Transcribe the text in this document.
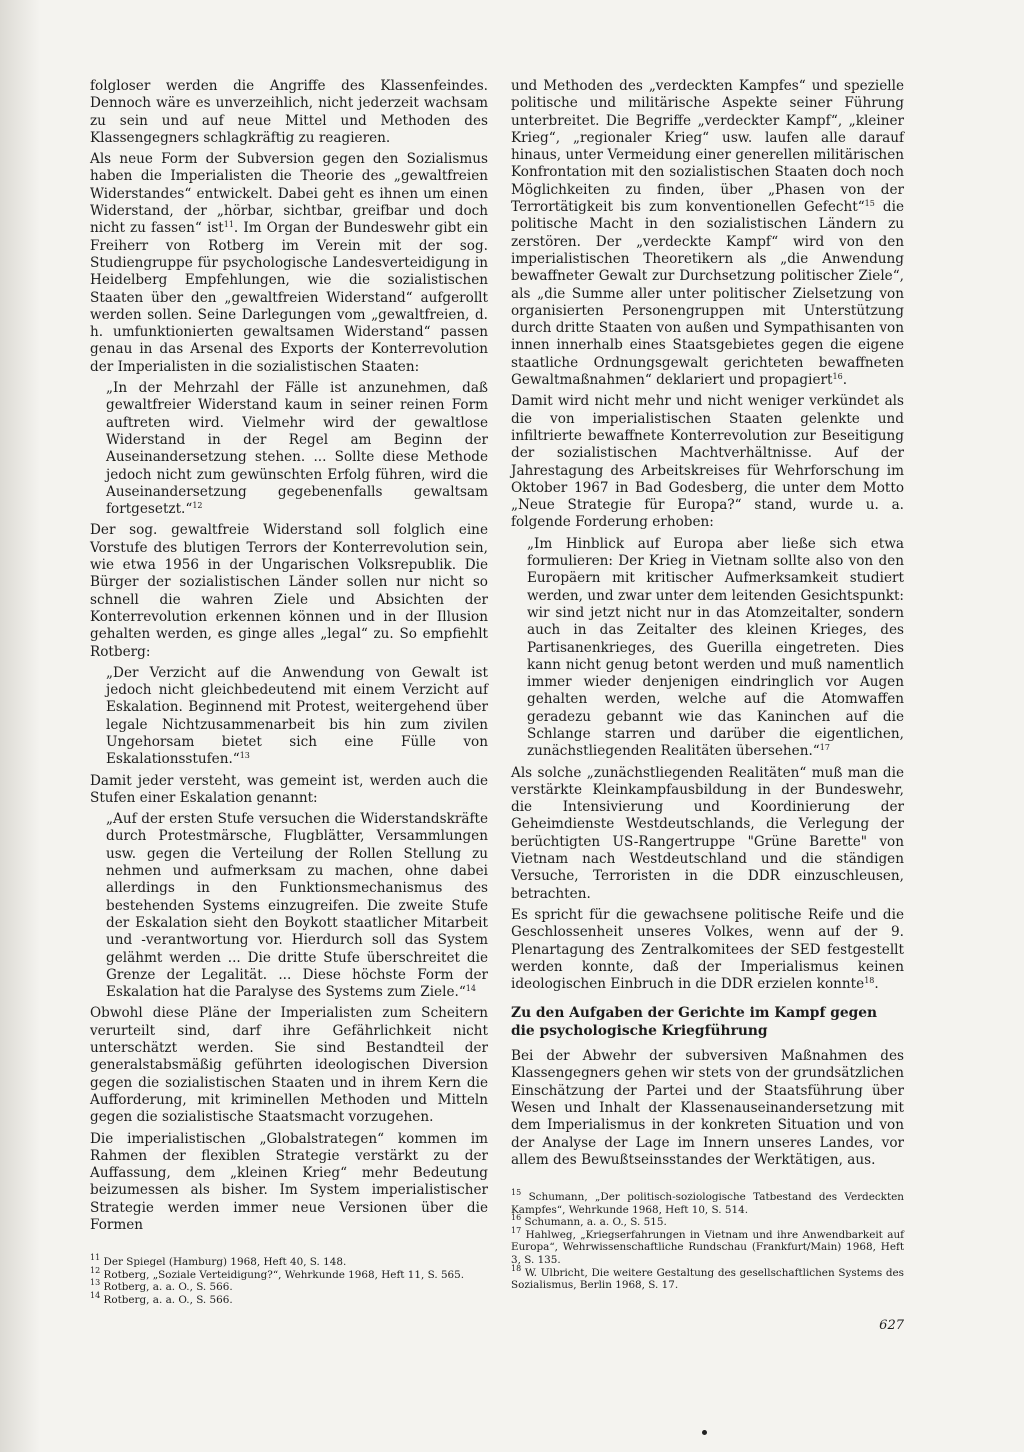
folgloser werden die Angriffe des Klassenfeindes. Dennoch wäre es unverzeihlich, nicht jederzeit wachsam zu sein und auf neue Mittel und Methoden des Klassengegners schlagkräftig zu reagieren.

Als neue Form der Subversion gegen den Sozialismus haben die Imperialisten die Theorie des „gewaltfreien Widerstandes“ entwickelt. Dabei geht es ihnen um einen Widerstand, der „hörbar, sichtbar, greifbar und doch nicht zu fassen“ ist$^{11}$. Im Organ der Bundeswehr gibt ein Freiherr von Rotberg im Verein mit der sog. Studiengruppe für psychologische Landesverteidigung in Heidelberg Empfehlungen, wie die sozialistischen Staaten über den „gewaltfreien Widerstand“ aufgerollt werden sollen. Seine Darlegungen vom „gewaltfreien, d. h. umfunktionierten gewaltsamen Widerstand“ passen genau in das Arsenal des Exports der Konterrevolution der Imperialisten in die sozialistischen Staaten:

„In der Mehrzahl der Fälle ist anzunehmen, daß gewaltfreier Widerstand kaum in seiner reinen Form auftreten wird. Vielmehr wird der gewaltlose Widerstand in der Regel am Beginn der Auseinandersetzung stehen. ... Sollte diese Methode jedoch nicht zum gewünschten Erfolg führen, wird die Auseinandersetzung gegebenenfalls gewaltsam fortgesetzt.“$^{12}$

Der sog. gewaltfreie Widerstand soll folglich eine Vorstufe des blutigen Terrors der Konterrevolution sein, wie etwa 1956 in der Ungarischen Volksrepublik. Die Bürger der sozialistischen Länder sollen nur nicht so schnell die wahren Ziele und Absichten der Konterrevolution erkennen können und in der Illusion gehalten werden, es ginge alles „legal“ zu. So empfiehlt Rotberg:

„Der Verzicht auf die Anwendung von Gewalt ist jedoch nicht gleichbedeutend mit einem Verzicht auf Eskalation. Beginnend mit Protest, weitergehend über legale Nichtzusammenarbeit bis hin zum zivilen Ungehorsam bietet sich eine Fülle von Eskalationsstufen.“$^{13}$

Damit jeder versteht, was gemeint ist, werden auch die Stufen einer Eskalation genannt:

„Auf der ersten Stufe versuchen die Widerstandskräfte durch Protestmärsche, Flugblätter, Versammlungen usw. gegen die Verteilung der Rollen Stellung zu nehmen und aufmerksam zu machen, ohne dabei allerdings in den Funktionsmechanismus des bestehenden Systems einzugreifen. Die zweite Stufe der Eskalation sieht den Boykott staatlicher Mitarbeit und -verantwortung vor. Hierdurch soll das System gelähmt werden ... Die dritte Stufe überschreitet die Grenze der Legalität. ... Diese höchste Form der Eskalation hat die Paralyse des Systems zum Ziele.“$^{14}$

Obwohl diese Pläne der Imperialisten zum Scheitern verurteilt sind, darf ihre Gefährlichkeit nicht unterschätzt werden. Sie sind Bestandteil der generalstabsmäßig geführten ideologischen Diversion gegen die sozialistischen Staaten und in ihrem Kern die Aufforderung, mit kriminellen Methoden und Mitteln gegen die sozialistische Staatsmacht vorzugehen.

Die imperialistischen „Globalstrategen“ kommen im Rahmen der flexiblen Strategie verstärkt zu der Auffassung, dem „kleinen Krieg“ mehr Bedeutung beizumessen als bisher. Im System imperialistischer Strategie werden immer neue Versionen über die Formen

$^{11}$ Der Spiegel (Hamburg) 1968, Heft 40, S. 148.

$^{12}$ Rotberg, „Soziale Verteidigung?“, Wehrkunde 1968, Heft 11, S. 565.

$^{13}$ Rotberg, a. a. O., S. 566.

$^{14}$ Rotberg, a. a. O., S. 566.

und Methoden des „verdeckten Kampfes“ und spezielle politische und militärische Aspekte seiner Führung unterbreitet. Die Begriffe „verdeckter Kampf“, „kleiner Krieg“, „regionaler Krieg“ usw. laufen alle darauf hinaus, unter Vermeidung einer generellen militärischen Konfrontation mit den sozialistischen Staaten doch noch Möglichkeiten zu finden, über „Phasen von der Terrortätigkeit bis zum konventionellen Gefecht“$^{15}$ die politische Macht in den sozialistischen Ländern zu zerstören. Der „verdeckte Kampf“ wird von den imperialistischen Theoretikern als „die Anwendung bewaffneter Gewalt zur Durchsetzung politischer Ziele“, als „die Summe aller unter politischer Zielsetzung von organisierten Personengruppen mit Unterstützung durch dritte Staaten von außen und Sympathisanten von innen innerhalb eines Staatsgebietes gegen die eigene staatliche Ordnungsgewalt gerichteten bewaffneten Gewaltmaßnahmen“ deklariert und propagiert$^{16}$.

Damit wird nicht mehr und nicht weniger verkündet als die von imperialistischen Staaten gelenkte und infiltrierte bewaffnete Konterrevolution zur Beseitigung der sozialistischen Machtverhältnisse. Auf der Jahrestagung des Arbeitskreises für Wehrforschung im Oktober 1967 in Bad Godesberg, die unter dem Motto „Neue Strategie für Europa?“ stand, wurde u. a. folgende Forderung erhoben:

„Im Hinblick auf Europa aber ließe sich etwa formulieren: Der Krieg in Vietnam sollte also von den Europäern mit kritischer Aufmerksamkeit studiert werden, und zwar unter dem leitenden Gesichtspunkt: wir sind jetzt nicht nur in das Atomzeitalter, sondern auch in das Zeitalter des kleinen Krieges, des Partisanenkrieges, des Guerilla eingetreten. Dies kann nicht genug betont werden und muß namentlich immer wieder denjenigen eindringlich vor Augen gehalten werden, welche auf die Atomwaffen geradezu gebannt wie das Kaninchen auf die Schlange starren und darüber die eigentlichen, zunächstliegenden Realitäten übersehen.“$^{17}$

Als solche „zunächstliegenden Realitäten“ muß man die verstärkte Kleinkampfausbildung in der Bundeswehr, die Intensivierung und Koordinierung der Geheimdienste Westdeutschlands, die Verlegung der berüchtigten US-Rangertruppe "Grüne Barette" von Vietnam nach Westdeutschland und die ständigen Versuche, Terroristen in die DDR einzuschleusen, betrachten.

Es spricht für die gewachsene politische Reife und die Geschlossenheit unseres Volkes, wenn auf der 9. Plenartagung des Zentralkomitees der SED festgestellt werden konnte, daß der Imperialismus keinen ideologischen Einbruch in die DDR erzielen konnte$^{18}$.

Zu den Aufgaben der Gerichte im Kampf gegen die psychologische Kriegführung

Bei der Abwehr der subversiven Maßnahmen des Klassengegners gehen wir stets von der grundsätzlichen Einschätzung der Partei und der Staatsführung über Wesen und Inhalt der Klassenauseinandersetzung mit dem Imperialismus in der konkreten Situation und von der Analyse der Lage im Innern unseres Landes, vor allem des Bewußtseinsstandes der Werktätigen, aus.

$^{15}$ Schumann, „Der politisch-soziologische Tatbestand des Verdeckten Kampfes“, Wehrkunde 1968, Heft 10, S. 514.

$^{16}$ Schumann, a. a. O., S. 515.

$^{17}$ Hahlweg, „Kriegserfahrungen in Vietnam und ihre Anwendbarkeit auf Europa“, Wehrwissenschaftliche Rundschau (Frankfurt/Main) 1968, Heft 3, S. 135.

$^{18}$ W. Ulbricht, Die weitere Gestaltung des gesellschaftlichen Systems des Sozialismus, Berlin 1968, S. 17.

627
